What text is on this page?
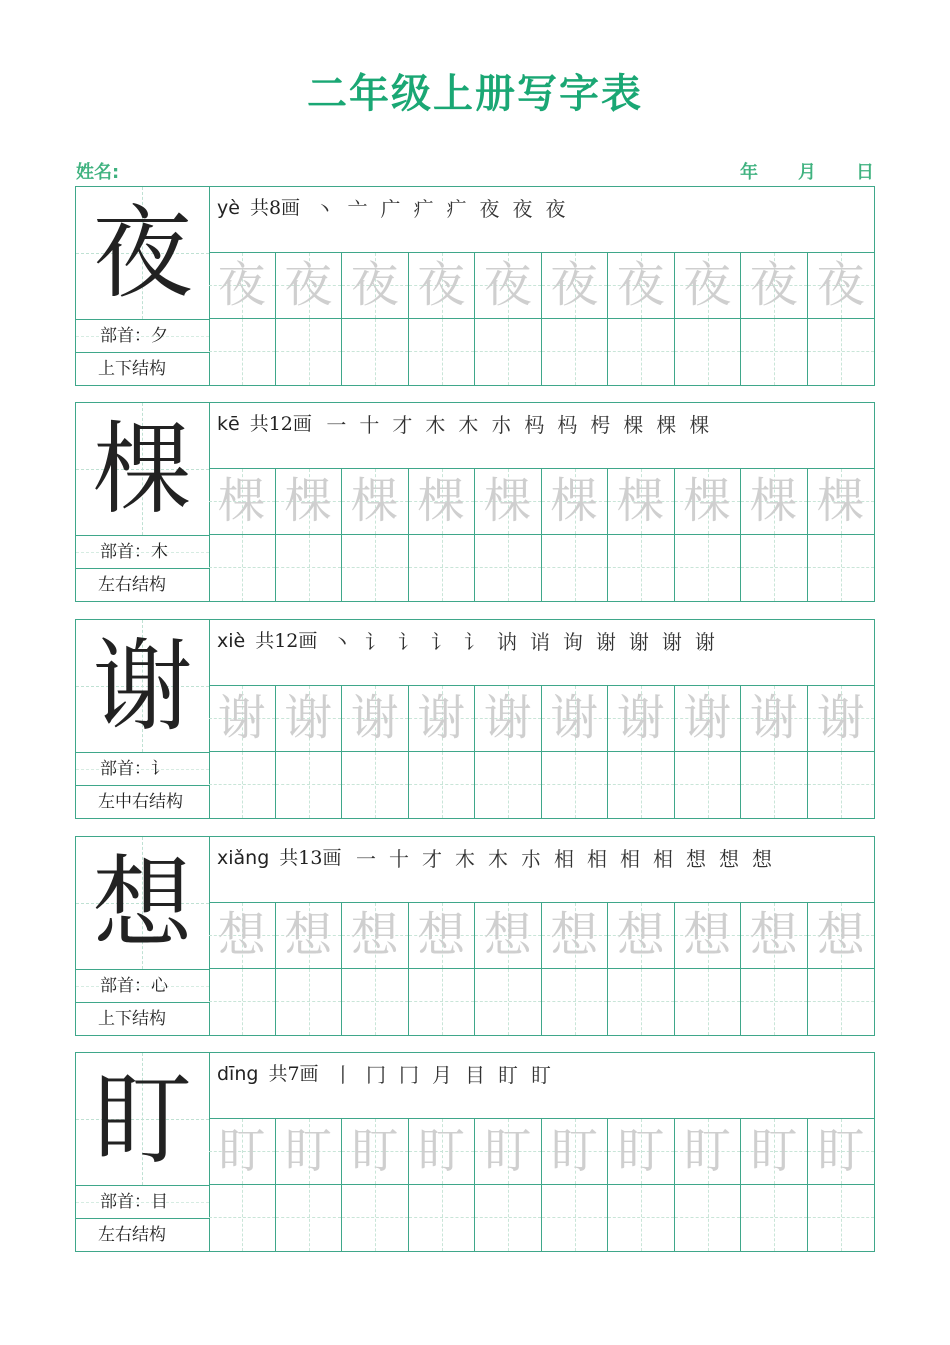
二年级上册写字表
姓名:	年 月 日
夜
部首：夕
上下结构
yè 共8画 丶 亠 广 疒 疒 夜 夜 夜
夜 夜 夜 夜 夜 夜 夜 夜 夜 夜
棵
部首：木
左右结构
kē 共12画 一 十 才 木 木 朩 杩 杩 枵 棵 棵 棵
棵 棵 棵 棵 棵 棵 棵 棵 棵 棵
谢
部首：讠
左中右结构
xiè 共12画 丶 讠 讠 讠 讠 讷 诮 询 谢 谢 谢 谢
谢 谢 谢 谢 谢 谢 谢 谢 谢 谢
想
部首：心
上下结构
xiǎng 共13画 一 十 才 木 木 朩 相 相 相 相 想 想 想
想 想 想 想 想 想 想 想 想 想
盯
部首：目
左右结构
dīng 共7画 丨 冂 冂 月 目 盯 盯
盯 盯 盯 盯 盯 盯 盯 盯 盯 盯
